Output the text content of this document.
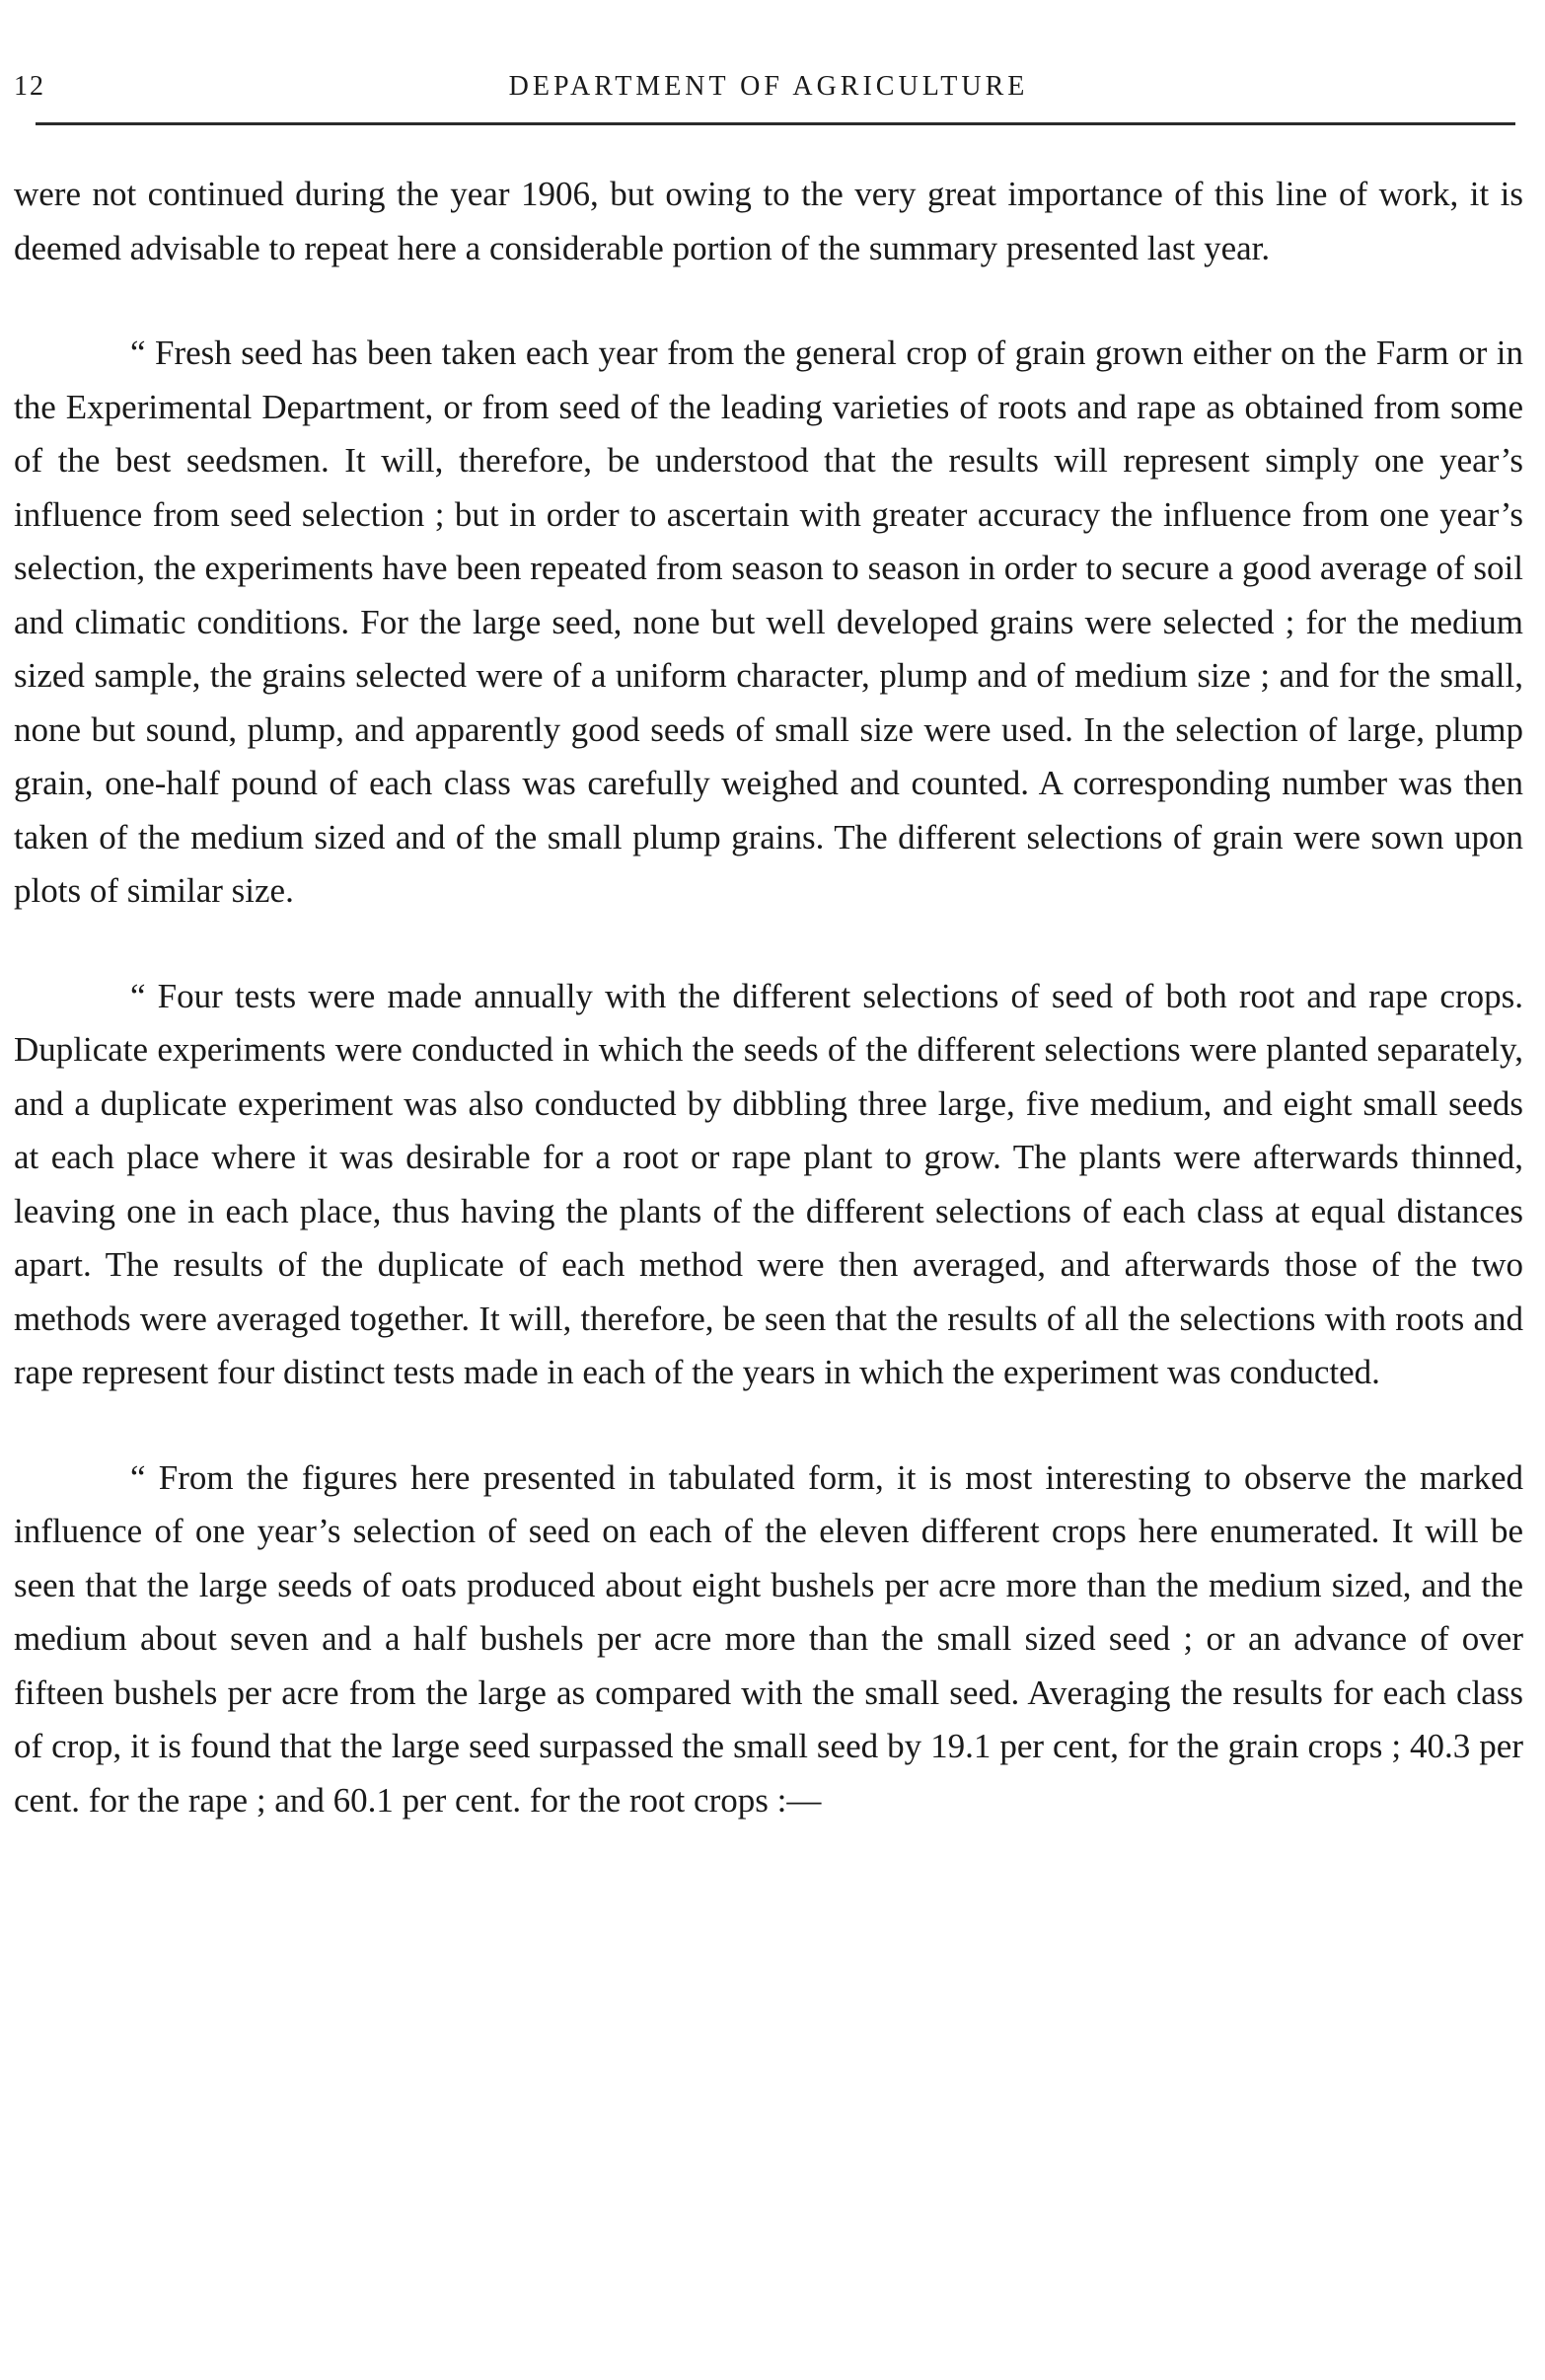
12	DEPARTMENT OF AGRICULTURE

were not continued during the year 1906, but owing to the very great importance of this line of work, it is deemed advisable to repeat here a considerable portion of the summary presented last year.

“ Fresh seed has been taken each year from the general crop of grain grown either on the Farm or in the Experimental Department, or from seed of the leading varieties of roots and rape as obtained from some of the best seedsmen. It will, therefore, be understood that the results will represent simply one year’s influence from seed selection ; but in order to ascertain with greater accuracy the influence from one year’s selection, the experiments have been repeated from season to season in order to secure a good average of soil and climatic conditions. For the large seed, none but well developed grains were selected ; for the medium sized sample, the grains selected were of a uniform character, plump and of medium size ; and for the small, none but sound, plump, and apparently good seeds of small size were used. In the selection of large, plump grain, one-half pound of each class was carefully weighed and counted. A corresponding number was then taken of the medium sized and of the small plump grains. The different selections of grain were sown upon plots of similar size.

“ Four tests were made annually with the different selections of seed of both root and rape crops. Duplicate experiments were conducted in which the seeds of the different selections were planted separately, and a duplicate experiment was also conducted by dibbling three large, five medium, and eight small seeds at each place where it was desirable for a root or rape plant to grow. The plants were afterwards thinned, leaving one in each place, thus having the plants of the different selections of each class at equal distances apart. The results of the duplicate of each method were then averaged, and afterwards those of the two methods were averaged together. It will, therefore, be seen that the results of all the selections with roots and rape represent four distinct tests made in each of the years in which the experiment was conducted.

“ From the figures here presented in tabulated form, it is most interesting to observe the marked influence of one year’s selection of seed on each of the eleven different crops here enumerated. It will be seen that the large seeds of oats produced about eight bushels per acre more than the medium sized, and the medium about seven and a half bushels per acre more than the small sized seed ; or an advance of over fifteen bushels per acre from the large as compared with the small seed. Averaging the results for each class of crop, it is found that the large seed surpassed the small seed by 19.1 per cent, for the grain crops ; 40.3 per cent. for the rape ; and 60.1 per cent. for the root crops :—
